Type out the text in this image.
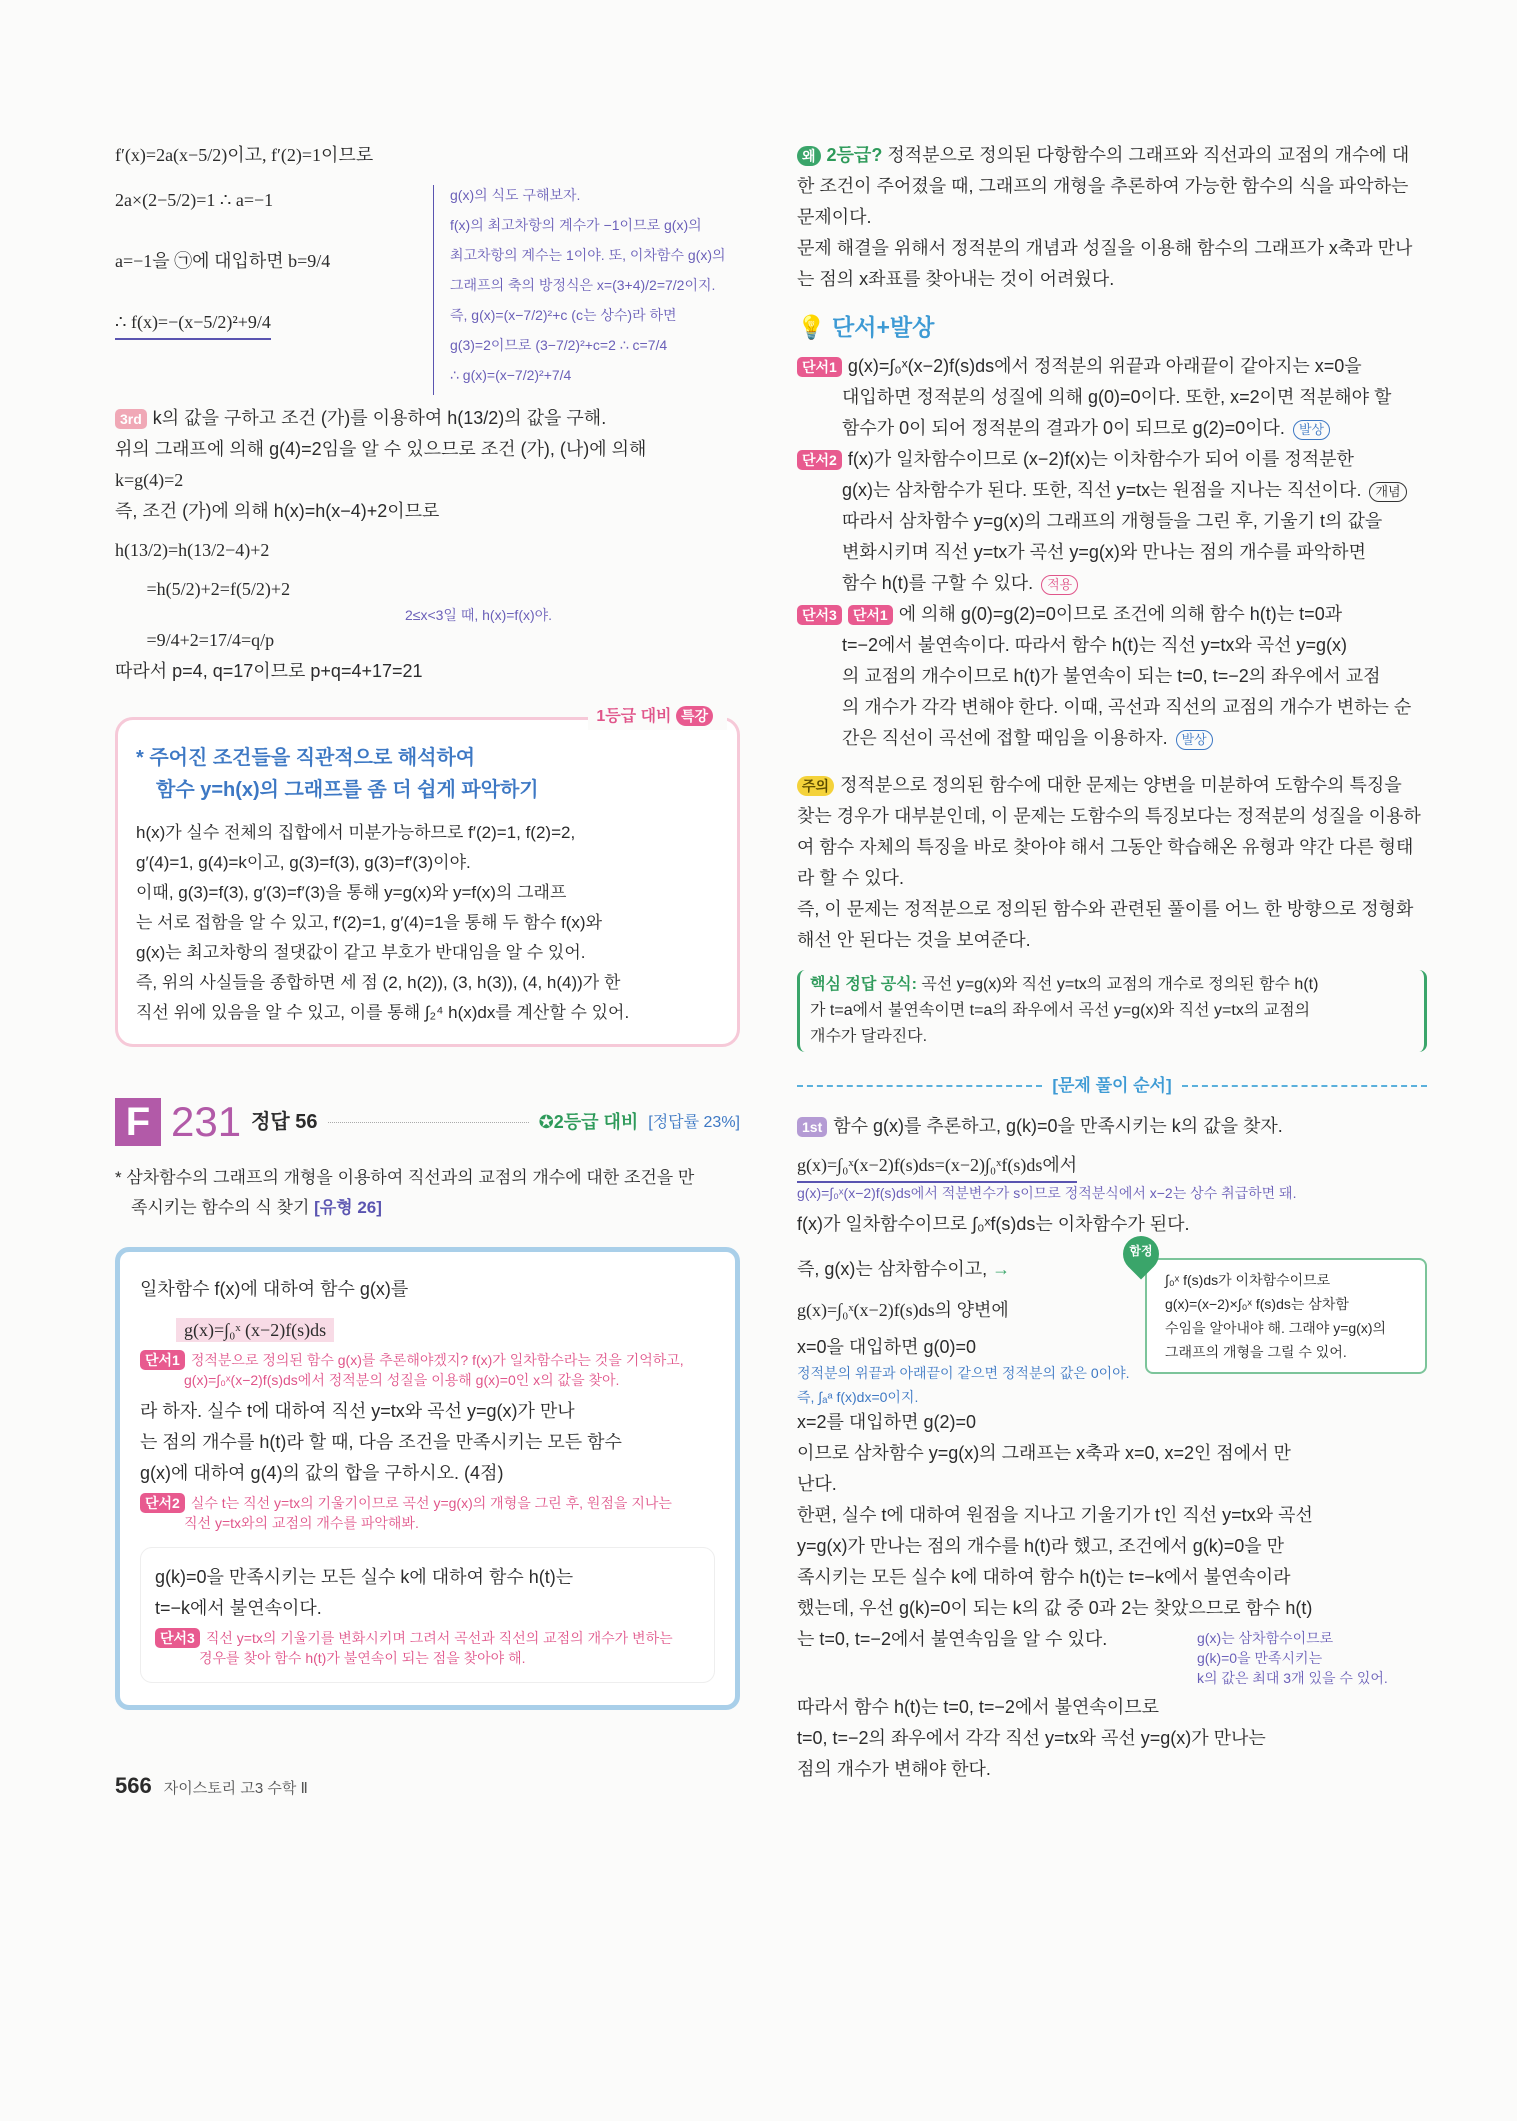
f′(x)=2a(x−5/2)이고, f′(2)=1이므로
2a×(2−5/2)=1 ∴ a=−1
a=−1을 ㉠에 대입하면 b=9/4
∴ f(x)=−(x−5/2)²+9/4
g(x)의 식도 구해보자.
f(x)의 최고차항의 계수가 −1이므로 g(x)의
최고차항의 계수는 1이야. 또, 이차함수 g(x)의
그래프의 축의 방정식은 x=(3+4)/2=7/2이지.
즉, g(x)=(x−7/2)²+c (c는 상수)라 하면
g(3)=2이므로 (3−7/2)²+c=2 ∴ c=7/4
∴ g(x)=(x−7/2)²+7/4
3rd k의 값을 구하고 조건 (가)를 이용하여 h(13/2)의 값을 구해.
위의 그래프에 의해 g(4)=2임을 알 수 있으므로 조건 (가), (나)에 의해
k=g(4)=2
즉, 조건 (가)에 의해 h(x)=h(x−4)+2이므로
h(13/2)=h(13/2−4)+2
=h(5/2)+2=f(5/2)+2
2≤x<3일 때, h(x)=f(x)야.
=9/4+2=17/4=q/p
따라서 p=4, q=17이므로 p+q=4+17=21
1등급 대비 특강
* 주어진 조건들을 직관적으로 해석하여
함수 y=h(x)의 그래프를 좀 더 쉽게 파악하기
h(x)가 실수 전체의 집합에서 미분가능하므로 f′(2)=1, f(2)=2,
g′(4)=1, g(4)=k이고, g(3)=f(3), g(3)=f′(3)이야.
이때, g(3)=f(3), g′(3)=f′(3)을 통해 y=g(x)와 y=f(x)의 그래프
는 서로 접함을 알 수 있고, f′(2)=1, g′(4)=1을 통해 두 함수 f(x)와
g(x)는 최고차항의 절댓값이 같고 부호가 반대임을 알 수 있어.
즉, 위의 사실들을 종합하면 세 점 (2, h(2)), (3, h(3)), (4, h(4))가 한
직선 위에 있음을 알 수 있고, 이를 통해 ∫₂⁴ h(x)dx를 계산할 수 있어.
F 231 정답 56	✪2등급 대비 [정답률 23%]
* 삼차함수의 그래프의 개형을 이용하여 직선과의 교점의 개수에 대한 조건을 만
족시키는 함수의 식 찾기 [유형 26]
일차함수 f(x)에 대하여 함수 g(x)를
g(x)=∫₀ˣ (x−2)f(s)ds
단서1 정적분으로 정의된 함수 g(x)를 추론해야겠지? f(x)가 일차함수라는 것을 기억하고,
g(x)=∫₀ˣ(x−2)f(s)ds에서 정적분의 성질을 이용해 g(x)=0인 x의 값을 찾아.
라 하자. 실수 t에 대하여 직선 y=tx와 곡선 y=g(x)가 만나
는 점의 개수를 h(t)라 할 때, 다음 조건을 만족시키는 모든 함수
g(x)에 대하여 g(4)의 값의 합을 구하시오. (4점)
단서2 실수 t는 직선 y=tx의 기울기이므로 곡선 y=g(x)의 개형을 그린 후, 원점을 지나는
직선 y=tx와의 교점의 개수를 파악해봐.
g(k)=0을 만족시키는 모든 실수 k에 대하여 함수 h(t)는
t=−k에서 불연속이다.
단서3 직선 y=tx의 기울기를 변화시키며 그려서 곡선과 직선의 교점의 개수가 변하는
경우를 찾아 함수 h(t)가 불연속이 되는 점을 찾아야 해.
566 자이스토리 고3 수학 Ⅱ
왜 2등급? 정적분으로 정의된 다항함수의 그래프와 직선과의 교점의 개수에 대
한 조건이 주어졌을 때, 그래프의 개형을 추론하여 가능한 함수의 식을 파악하는
문제이다.
문제 해결을 위해서 정적분의 개념과 성질을 이용해 함수의 그래프가 x축과 만나
는 점의 x좌표를 찾아내는 것이 어려웠다.
💡 단서+발상
단서1 g(x)=∫₀ˣ(x−2)f(s)ds에서 정적분의 위끝과 아래끝이 같아지는 x=0을
대입하면 정적분의 성질에 의해 g(0)=0이다. 또한, x=2이면 적분해야 할
함수가 0이 되어 정적분의 결과가 0이 되므로 g(2)=0이다. 발상
단서2 f(x)가 일차함수이므로 (x−2)f(x)는 이차함수가 되어 이를 정적분한
g(x)는 삼차함수가 된다. 또한, 직선 y=tx는 원점을 지나는 직선이다. 개념
따라서 삼차함수 y=g(x)의 그래프의 개형들을 그린 후, 기울기 t의 값을
변화시키며 직선 y=tx가 곡선 y=g(x)와 만나는 점의 개수를 파악하면
함수 h(t)를 구할 수 있다. 적용
단서3 단서1 에 의해 g(0)=g(2)=0이므로 조건에 의해 함수 h(t)는 t=0과
t=−2에서 불연속이다. 따라서 함수 h(t)는 직선 y=tx와 곡선 y=g(x)
의 교점의 개수이므로 h(t)가 불연속이 되는 t=0, t=−2의 좌우에서 교점
의 개수가 각각 변해야 한다. 이때, 곡선과 직선의 교점의 개수가 변하는 순
간은 직선이 곡선에 접할 때임을 이용하자. 발상
주의 정적분으로 정의된 함수에 대한 문제는 양변을 미분하여 도함수의 특징을
찾는 경우가 대부분인데, 이 문제는 도함수의 특징보다는 정적분의 성질을 이용하
여 함수 자체의 특징을 바로 찾아야 해서 그동안 학습해온 유형과 약간 다른 형태
라 할 수 있다.
즉, 이 문제는 정적분으로 정의된 함수와 관련된 풀이를 어느 한 방향으로 정형화
해선 안 된다는 것을 보여준다.
핵심 정답 공식: 곡선 y=g(x)와 직선 y=tx의 교점의 개수로 정의된 함수 h(t)
가 t=a에서 불연속이면 t=a의 좌우에서 곡선 y=g(x)와 직선 y=tx의 교점의
개수가 달라진다.
[문제 풀이 순서]
1st 함수 g(x)를 추론하고, g(k)=0을 만족시키는 k의 값을 찾자.
g(x)=∫₀ˣ(x−2)f(s)ds=(x−2)∫₀ˣf(s)ds에서
g(x)=∫₀ˣ(x−2)f(s)ds에서 적분변수가 s이므로 정적분식에서 x−2는 상수 취급하면 돼.
f(x)가 일차함수이므로 ∫₀ˣf(s)ds는 이차함수가 된다.
함정
∫₀ˣ f(s)ds가 이차함수이므로
g(x)=(x−2)×∫₀ˣ f(s)ds는 삼차함
수임을 알아내야 해. 그래야 y=g(x)의
그래프의 개형을 그릴 수 있어.
즉, g(x)는 삼차함수이고, →
g(x)=∫₀ˣ(x−2)f(s)ds의 양변에
x=0을 대입하면 g(0)=0
정적분의 위끝과 아래끝이 같으면 정적분의 값은 0이야.
즉, ∫ₐᵃ f(x)dx=0이지.
x=2를 대입하면 g(2)=0
이므로 삼차함수 y=g(x)의 그래프는 x축과 x=0, x=2인 점에서 만
난다.
한편, 실수 t에 대하여 원점을 지나고 기울기가 t인 직선 y=tx와 곡선
y=g(x)가 만나는 점의 개수를 h(t)라 했고, 조건에서 g(k)=0을 만
족시키는 모든 실수 k에 대하여 함수 h(t)는 t=−k에서 불연속이라
했는데, 우선 g(k)=0이 되는 k의 값 중 0과 2는 찾았으므로 함수 h(t)
g(x)는 삼차함수이므로
g(k)=0을 만족시키는
k의 값은 최대 3개 있을 수 있어.
는 t=0, t=−2에서 불연속임을 알 수 있다.
따라서 함수 h(t)는 t=0, t=−2에서 불연속이므로
t=0, t=−2의 좌우에서 각각 직선 y=tx와 곡선 y=g(x)가 만나는
점의 개수가 변해야 한다.
